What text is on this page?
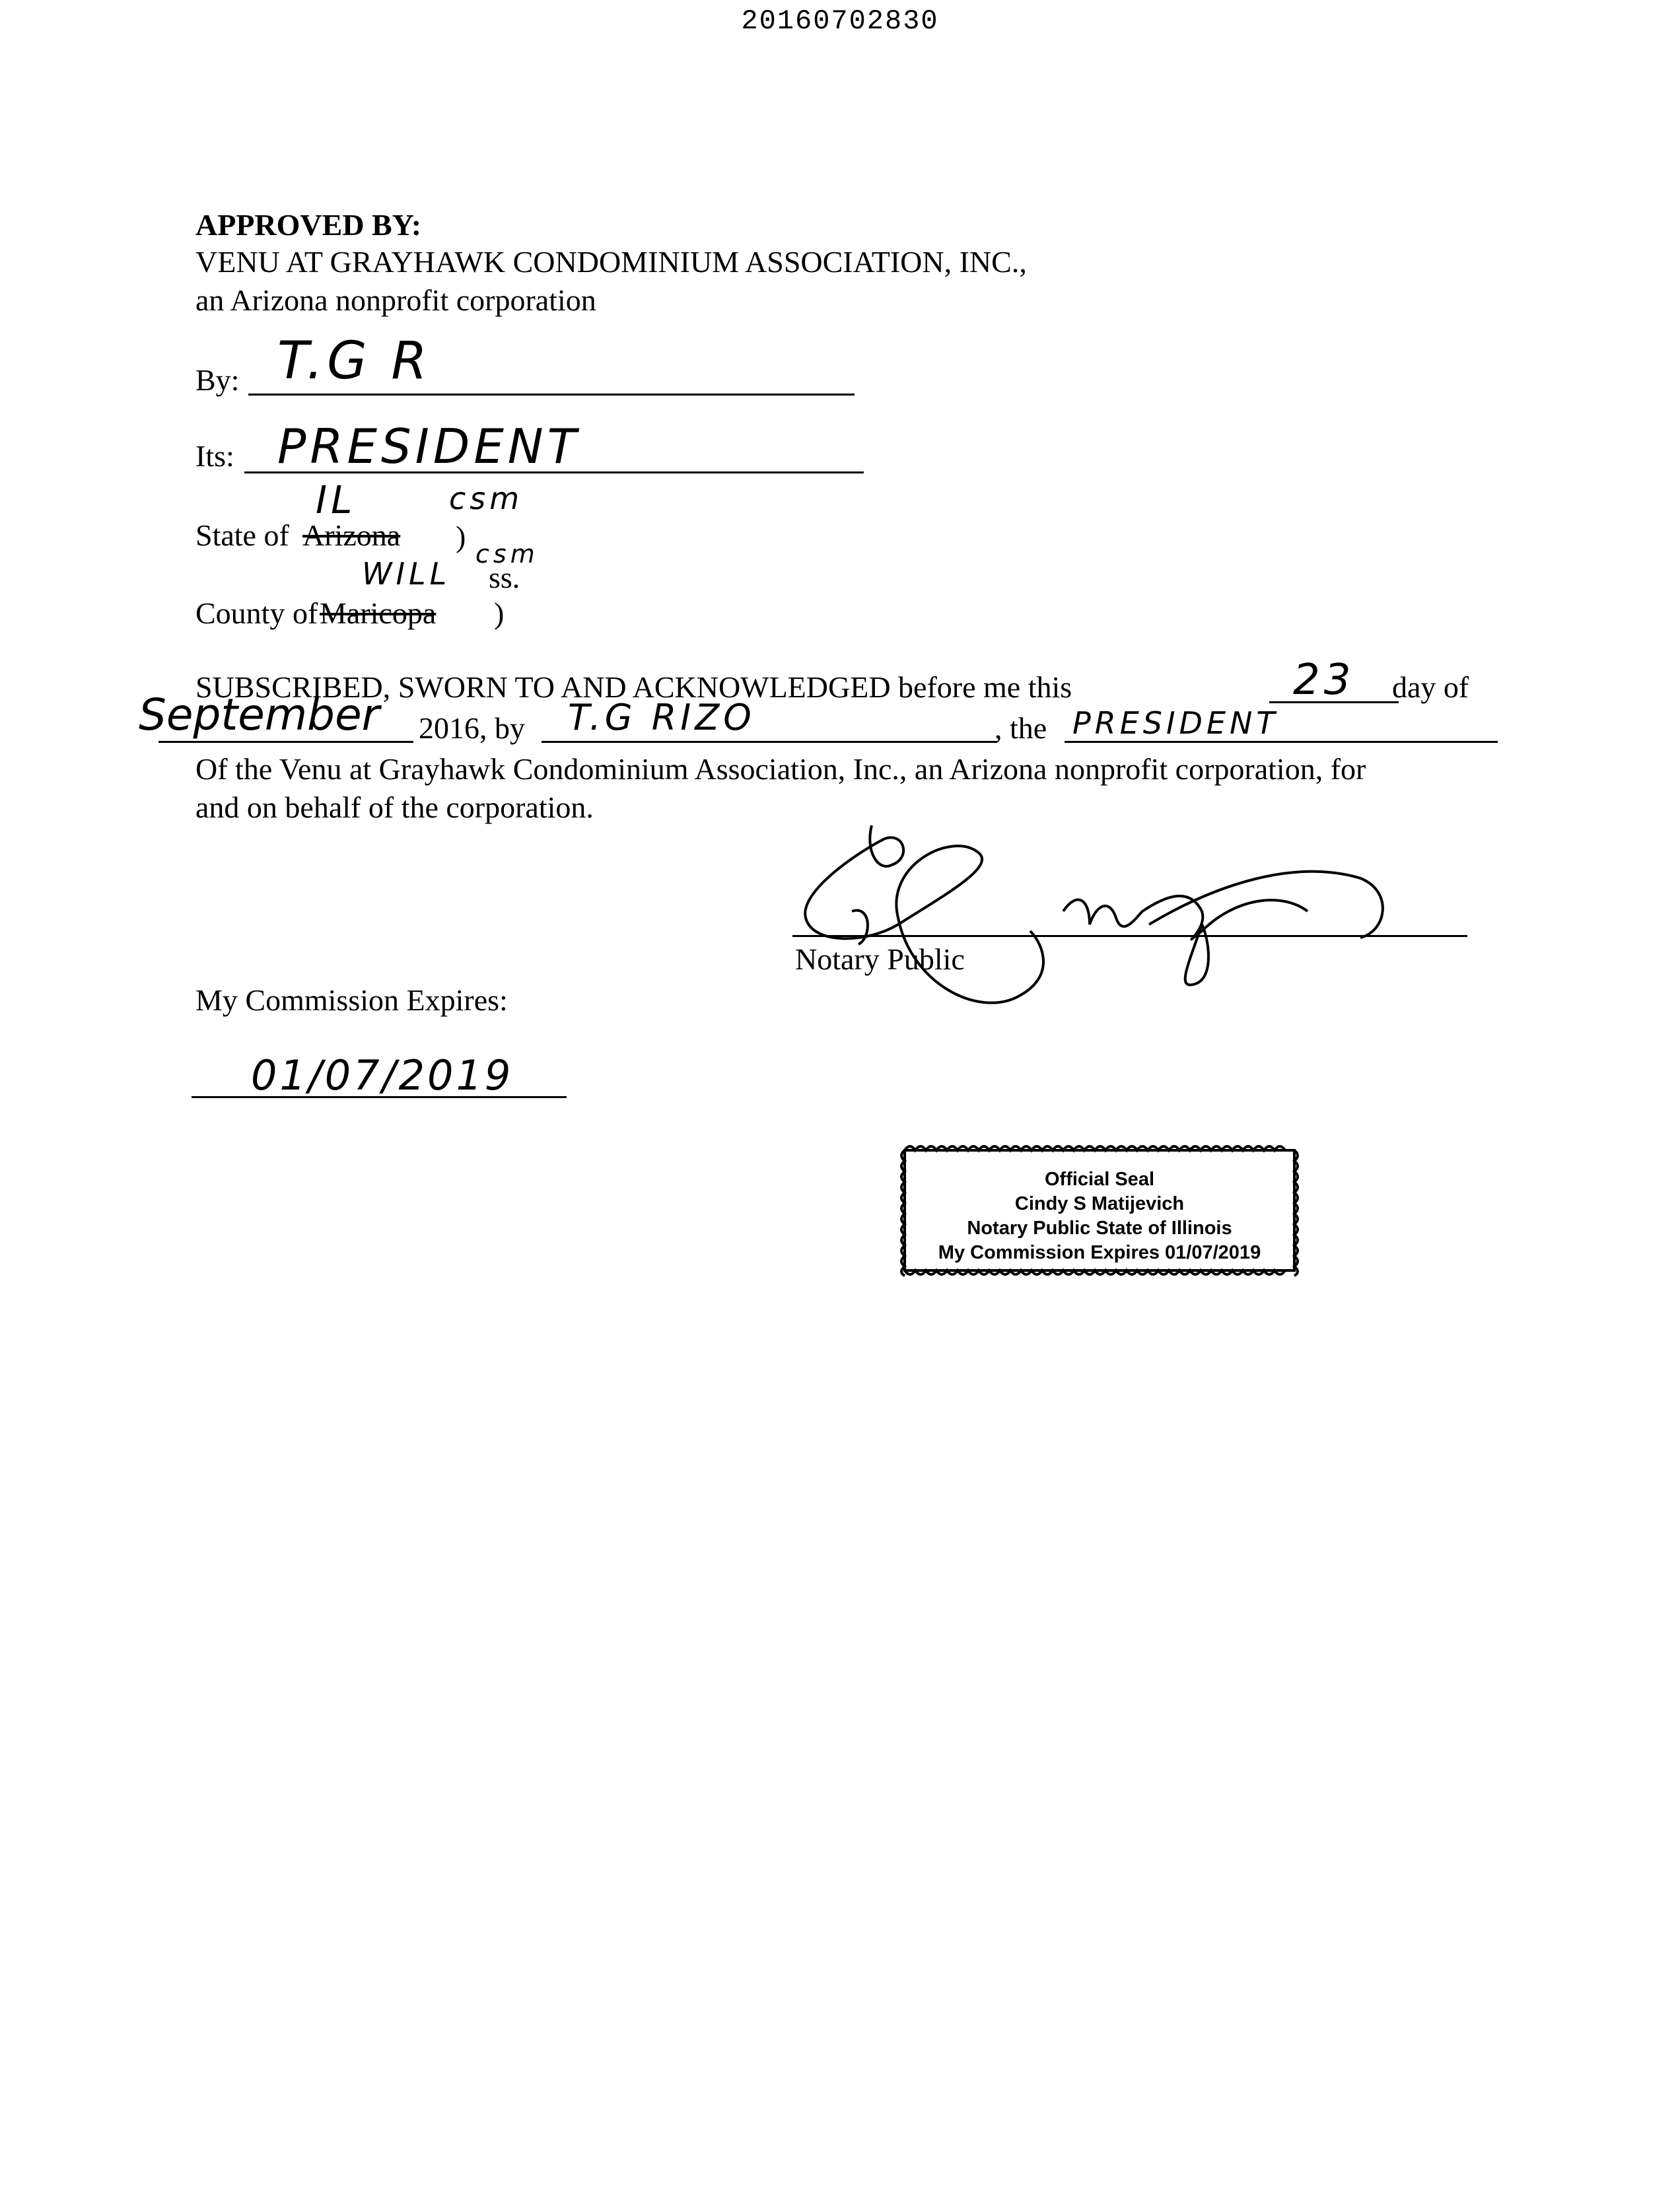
20160702830
APPROVED BY:
VENU AT GRAYHAWK CONDOMINIUM ASSOCIATION, INC.,
an Arizona nonprofit corporation
By: T.G R
Its: PRESIDENT
IL	csm
State of Arizona )
WILL
csm
ss.
County of Maricopa )
SUBSCRIBED, SWORN TO AND ACKNOWLEDGED before me this	23 day of
September 2016, by T.G RIZO	, the PRESIDENT
Of the Venu at Grayhawk Condominium Association, Inc., an Arizona nonprofit corporation, for
and on behalf of the corporation.
Notary Public
My Commission Expires:
01/07/2019
Official Seal
Cindy S Matijevich
Notary Public State of Illinois
My Commission Expires 01/07/2019
